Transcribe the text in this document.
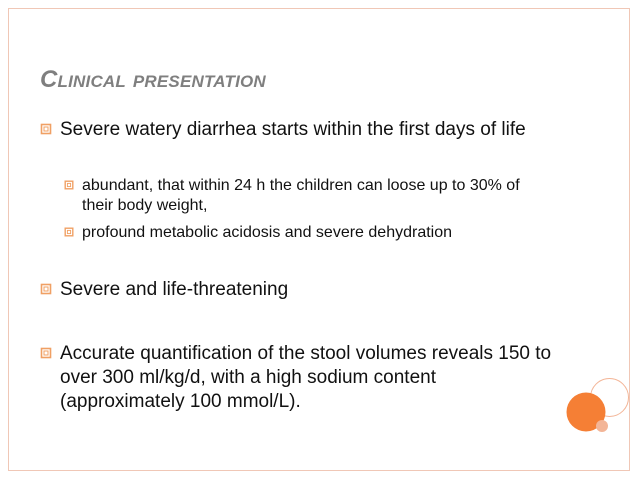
Clinical presentation
Severe watery diarrhea starts within the first days of life
abundant, that within 24 h the children can loose up to 30% of their body weight,
profound metabolic acidosis and severe dehydration
Severe and life-threatening
Accurate quantification of the stool volumes reveals 150 to over 300 ml/kg/d, with a high sodium content (approximately 100 mmol/L).
